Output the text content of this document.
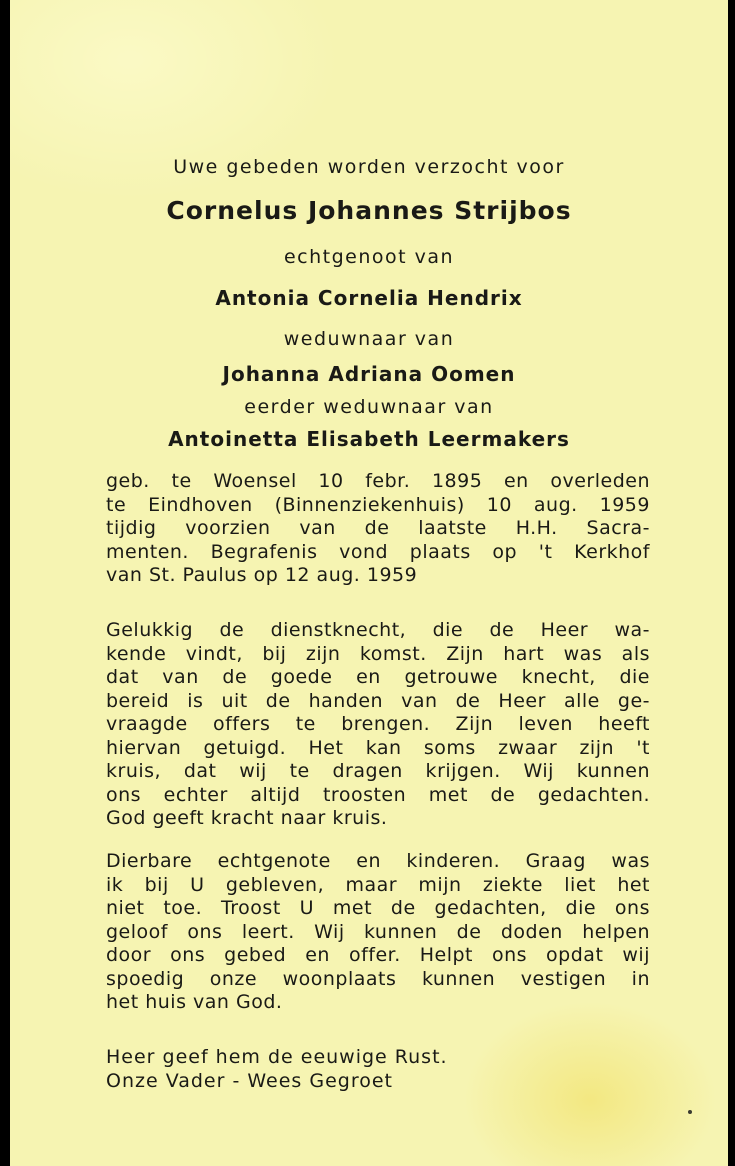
Uwe gebeden worden verzocht voor
Cornelus Johannes Strijbos
echtgenoot van
Antonia Cornelia Hendrix
weduwnaar van
Johanna Adriana Oomen
eerder weduwnaar van
Antoinetta Elisabeth Leermakers
geb. te Woensel 10 febr. 1895 en overleden
te Eindhoven (Binnenziekenhuis) 10 aug. 1959
tijdig voorzien van de laatste H.H. Sacra-
menten. Begrafenis vond plaats op 't Kerkhof
van St. Paulus op 12 aug. 1959
Gelukkig de dienstknecht, die de Heer wa-
kende vindt, bij zijn komst. Zijn hart was als
dat van de goede en getrouwe knecht, die
bereid is uit de handen van de Heer alle ge-
vraagde offers te brengen. Zijn leven heeft
hiervan getuigd. Het kan soms zwaar zijn 't
kruis, dat wij te dragen krijgen. Wij kunnen
ons echter altijd troosten met de gedachten.
God geeft kracht naar kruis.
Dierbare echtgenote en kinderen. Graag was
ik bij U gebleven, maar mijn ziekte liet het
niet toe. Troost U met de gedachten, die ons
geloof ons leert. Wij kunnen de doden helpen
door ons gebed en offer. Helpt ons opdat wij
spoedig onze woonplaats kunnen vestigen in
het huis van God.
Heer geef hem de eeuwige Rust.
Onze Vader - Wees Gegroet
